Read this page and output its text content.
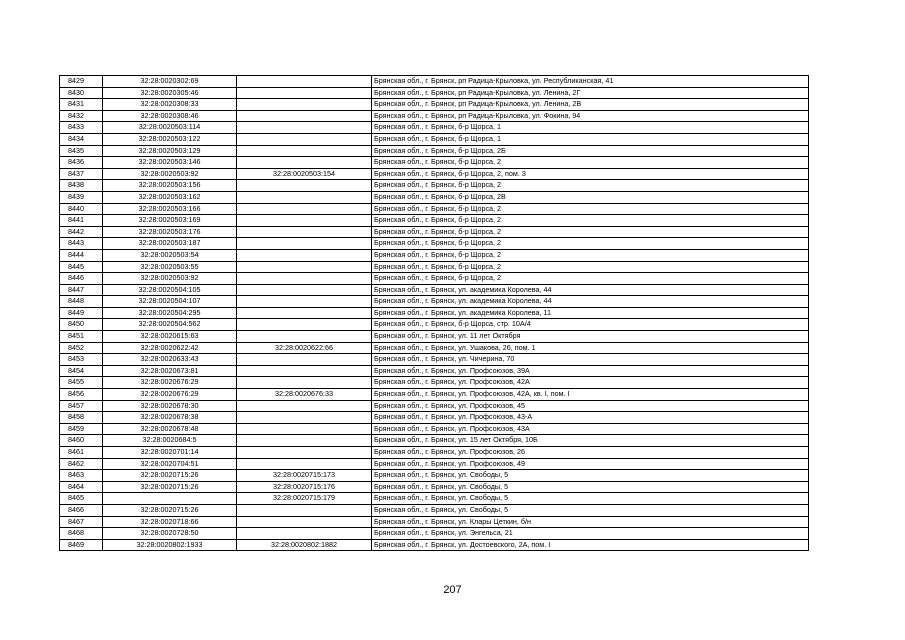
8429	32:28:0020302:69		Брянская обл., г. Брянск, рп Радица-Крыловка, ул. Республиканская, 41
8430	32:28:0020305:46		Брянская обл., г. Брянск, рп Радица-Крыловка, ул. Ленина, 2Г
8431	32:28:0020308:33		Брянская обл., г. Брянск, рп Радица-Крыловка, ул. Ленина, 2В
8432	32:28:0020308:46		Брянская обл., г. Брянск, рп Радица-Крыловка, ул. Фокина, 94
8433	32:28:0020503:114		Брянская обл., г. Брянск, б-р Щорса, 1
8434	32:28:0020503:122		Брянская обл., г. Брянск, б-р Щорса, 1
8435	32:28:0020503:129		Брянская обл., г. Брянск, б-р Щорса, 2Б
8436	32:28:0020503:146		Брянская обл., г. Брянск, б-р Щорса, 2
8437	32:28:0020503:92	32:28:0020503:154	Брянская обл., г. Брянск, б-р Щорса, 2, пом. 3
8438	32:28:0020503:156		Брянская обл., г. Брянск, б-р Щорса, 2
8439	32:28:0020503:162		Брянская обл., г. Брянск, б-р Щорса, 2В
8440	32:28:0020503:166		Брянская обл., г. Брянск, б-р Щорса, 2
8441	32:28:0020503:169		Брянская обл., г. Брянск, б-р Щорса, 2
8442	32:28:0020503:176		Брянская обл., г. Брянск, б-р Щорса, 2
8443	32:28:0020503:187		Брянская обл., г. Брянск, б-р Щорса, 2
8444	32:28:0020503:54		Брянская обл., г. Брянск, б-р Щорса, 2
8445	32:28:0020503:55		Брянская обл., г. Брянск, б-р Щорса, 2
8446	32:28:0020503:92		Брянская обл., г. Брянск, б-р Щорса, 2
8447	32:28:0020504:105		Брянская обл., г. Брянск, ул. академика Королева, 44
8448	32:28:0020504:107		Брянская обл., г. Брянск, ул. академика Королева, 44
8449	32:28:0020504:295		Брянская обл., г. Брянск, ул. академика Королева, 11
8450	32:28:0020504:562		Брянская обл., г. Брянск, б-р Щорса, стр. 10А/4
8451	32:28:0020615:63		Брянская обл., г. Брянск, ул. 11 лет Октября
8452	32:28:0020622:42	32:28:0020622:66	Брянская обл., г. Брянск, ул. Ушакова, 26, пом. 1
8453	32:28:0020633:43		Брянская обл., г. Брянск, ул. Чичерина, 70
8454	32:28:0020673:81		Брянская обл., г. Брянск, ул. Профсоюзов, 39А
8455	32:28:0020676:29		Брянская обл., г. Брянск, ул. Профсоюзов, 42А
8456	32:28:0020676:29	32:28:0020676:33	Брянская обл., г. Брянск, ул. Профсоюзов, 42А, кв. I, пом. I
8457	32:28:0020678:30		Брянская обл., г. Брянск, ул. Профсоюзов, 45
8458	32:28:0020678:38		Брянская обл., г. Брянск, ул. Профсоюзов, 43-А
8459	32:28:0020678:48		Брянская обл., г. Брянск, ул. Профсоюзов, 43А
8460	32:28:0020684:5		Брянская обл., г. Брянск, ул. 15 лет Октября, 10Б
8461	32:28:0020701:14		Брянская обл., г. Брянск, ул. Профсоюзов, 26
8462	32:28:0020704:51		Брянская обл., г. Брянск, ул. Профсоюзов, 49
8463	32:28:0020715:26	32:28:0020715:173	Брянская обл., г. Брянск, ул. Свободы, 5
8464	32:28:0020715:26	32:28:0020715:176	Брянская обл., г. Брянск, ул. Свободы, 5
8465		32:28:0020715:179	Брянская обл., г. Брянск, ул. Свободы, 5
8466	32:28:0020715:26		Брянская обл., г. Брянск, ул. Свободы, 5
8467	32:28:0020718:66		Брянская обл., г. Брянск, ул. Клары Цеткин, б/н
8468	32:28:0020728:50		Брянская обл., г. Брянск, ул. Энгельса, 21
8469	32:28:0020802:1933	32:28:0020802:1882	Брянская обл., г. Брянск, ул. Достоевского, 2А, пом. I
207
